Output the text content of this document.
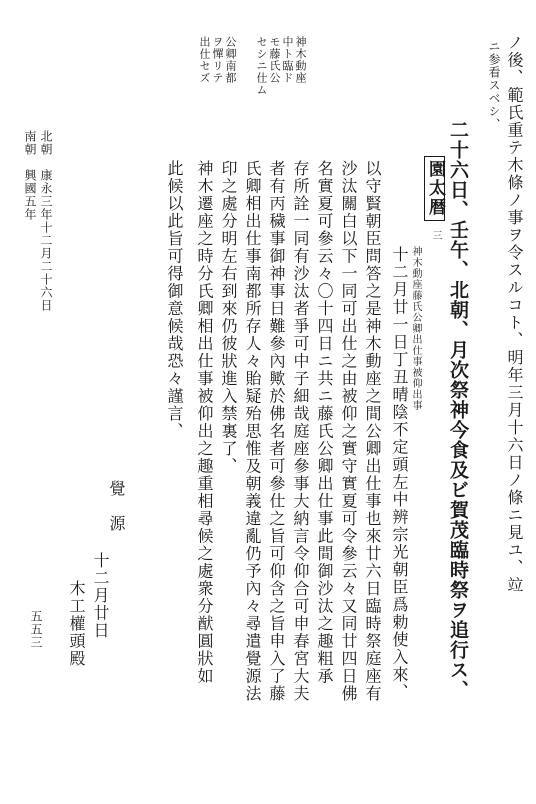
ノ後、範氏重テ木條ノ事ヲ令スルコト、明年三月十六日ノ條ニ見ユ、竝
ニ参看スベシ、
二十六日、壬午、北朝、月次祭神今食及ビ賀茂臨時祭ヲ追行ス、
園太暦
三
神木動座藤氏公卿出仕事被仰出事
十二月廿一日丁丑晴陰不定頭左中辨宗光朝臣爲勅使入來、
以守賢朝臣問答之是神木動座之間公卿出仕事也來廿六日臨時祭庭座有
沙汰關白以下一同可出仕之由被仰之實守實夏可令參云々又同廿四日佛
名實夏可參云々〇十四日ニ共ニ藤氏公卿出仕事此間御沙汰之趣粗承
存所詮一同有沙汰者爭可中子細哉庭座參事大納言令仰合可申春宮大夫
者有丙穢事御神事日難參內歟於佛名者可參仕之旨可仰含之旨申入了藤
氏卿相出仕事南都所存人々貽疑殆思惟及朝義違亂仍予內々尋遣覺源法
印之處分明左右到來仍彼狀進入禁裏了、
神木遷座之時分氏卿相出仕事被仰出之趣重相尋候之處衆分猷圓狀如
此候以此旨可得御意候哉恐々謹言、
覺　源
十二月廿日
木工權頭殿
神木動座
中ト臨ド
モ藤氏公
セシニ仕ム
公卿南都
ヲ憚リテ
出仕セズ
南朝　興國五年 北朝　康永三年十二月二十六日
五五三
